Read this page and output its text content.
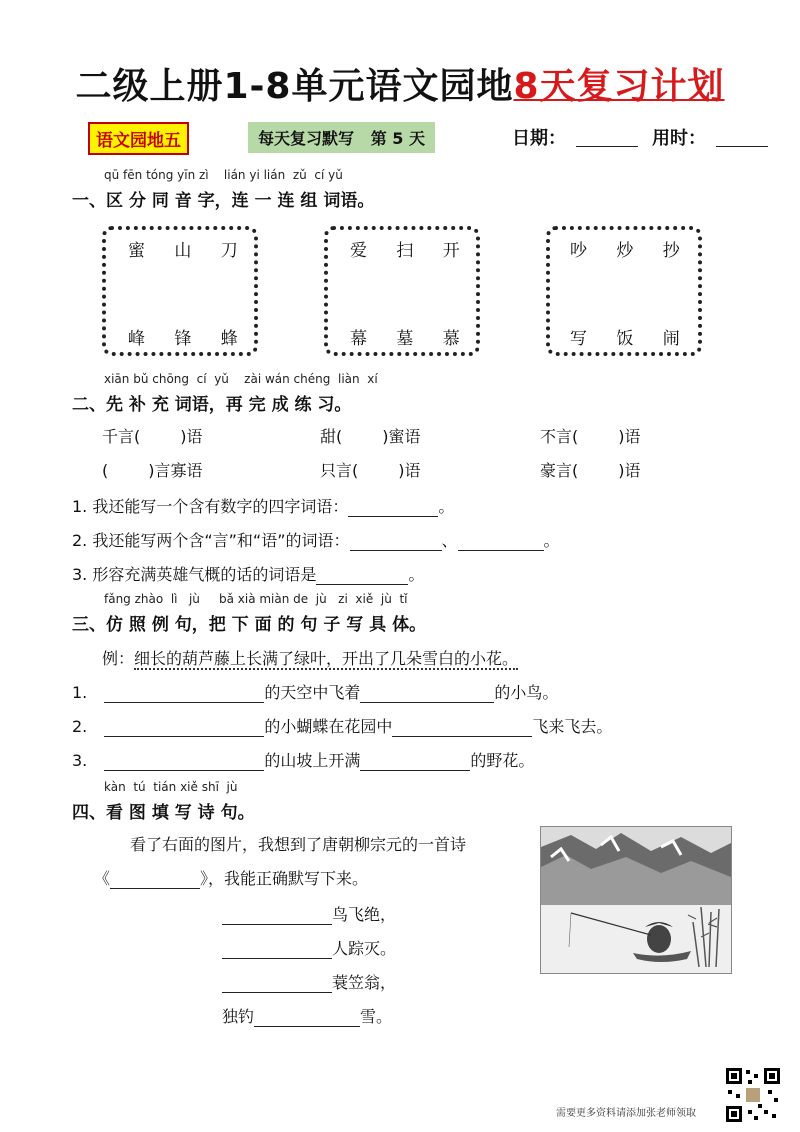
二级上册1-8单元语文园地8天复习计划
语文园地五	每天复习默写   第 5 天	日期：	用时：
qū fēn tóng yīn zì    lián yi lián  zǔ  cí yǔ
一、区 分 同 音 字，连 一 连 组 词语。
蜜 山 刀
峰 锋 蜂
爱 扫 开
幕 墓 慕
吵 炒 抄
写 饭 闹
xiān bǔ chōng  cí  yǔ    zài wán chéng  liàn  xí
二、先 补 充 词语，再 完 成 练 习。
千言(	)语	甜(	)蜜语	不言(	)语
(	)言寡语	只言(	)语	豪言(	)语
1. 我还能写一个含有数字的四字词语：	。
2. 我还能写两个含“言”和“语”的词语：	、	。
3. 形容充满英雄气概的话的词语是	。
fǎng zhào  lì   jù     bǎ xià miàn de  jù   zi  xiě  jù  tǐ
三、仿 照 例 句，把 下 面 的 句 子 写 具 体。
例：细长的葫芦藤上长满了绿叶，开出了几朵雪白的小花。
1.	的天空中飞着	的小鸟。
2.	的小蝴蝶在花园中	飞来飞去。
3.	的山坡上开满	的野花。
kàn  tú  tián xiě shī  jù
四、看 图 填 写 诗 句。
看了右面的图片，我想到了唐朝柳宗元的一首诗
《	》，我能正确默写下来。
鸟飞绝，
人踪灭。
蓑笠翁，
独钓	雪。
需要更多资料请添加张老师领取
